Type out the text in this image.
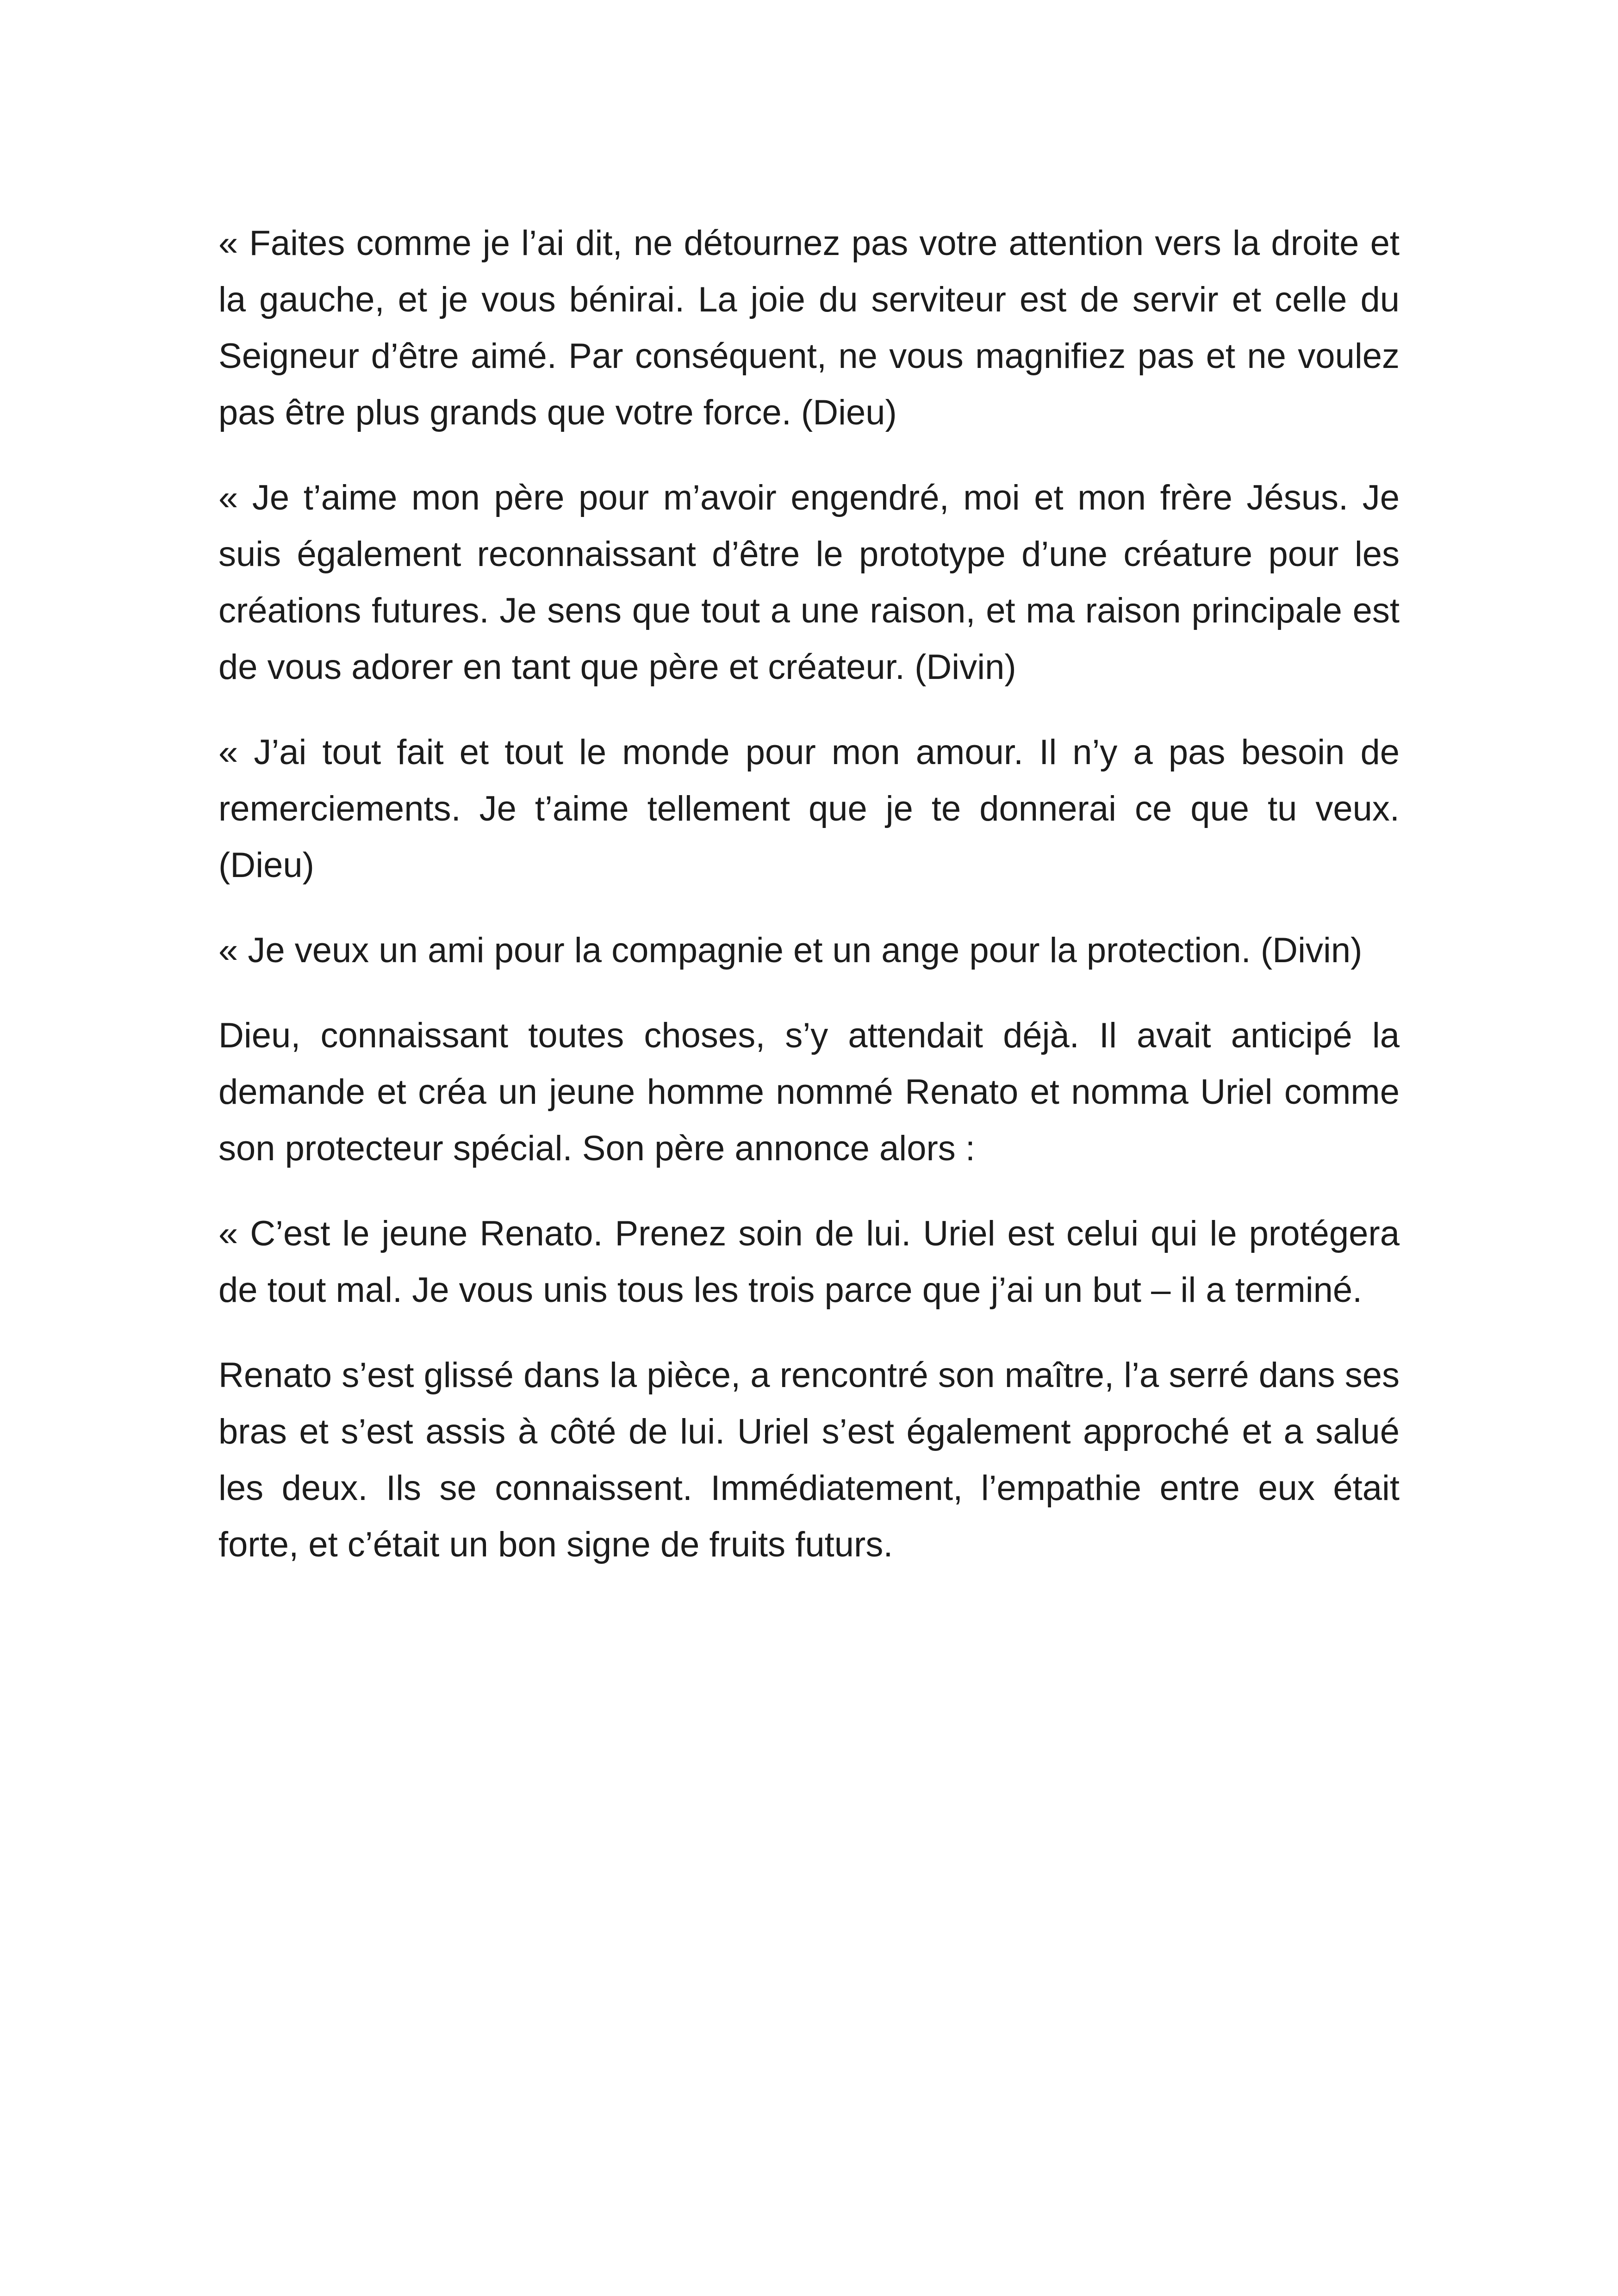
« Faites comme je l’ai dit, ne détournez pas votre attention vers la droite et la gauche, et je vous bénirai. La joie du serviteur est de servir et celle du Seigneur d’être aimé. Par conséquent, ne vous magnifiez pas et ne voulez pas être plus grands que votre force. (Dieu)

« Je t’aime mon père pour m’avoir engendré, moi et mon frère Jésus. Je suis également reconnaissant d’être le prototype d’une créature pour les créations futures. Je sens que tout a une raison, et ma raison principale est de vous adorer en tant que père et créateur. (Divin)

« J’ai tout fait et tout le monde pour mon amour. Il n’y a pas besoin de remerciements. Je t’aime tellement que je te donnerai ce que tu veux. (Dieu)

« Je veux un ami pour la compagnie et un ange pour la protection. (Divin)

Dieu, connaissant toutes choses, s’y attendait déjà. Il avait anticipé la demande et créa un jeune homme nommé Renato et nomma Uriel comme son protecteur spécial. Son père annonce alors :

« C’est le jeune Renato. Prenez soin de lui. Uriel est celui qui le protégera de tout mal. Je vous unis tous les trois parce que j’ai un but – il a terminé.

Renato s’est glissé dans la pièce, a rencontré son maître, l’a serré dans ses bras et s’est assis à côté de lui. Uriel s’est également approché et a salué les deux. Ils se connaissent. Immédiatement, l’empathie entre eux était forte, et c’était un bon signe de fruits futurs.
